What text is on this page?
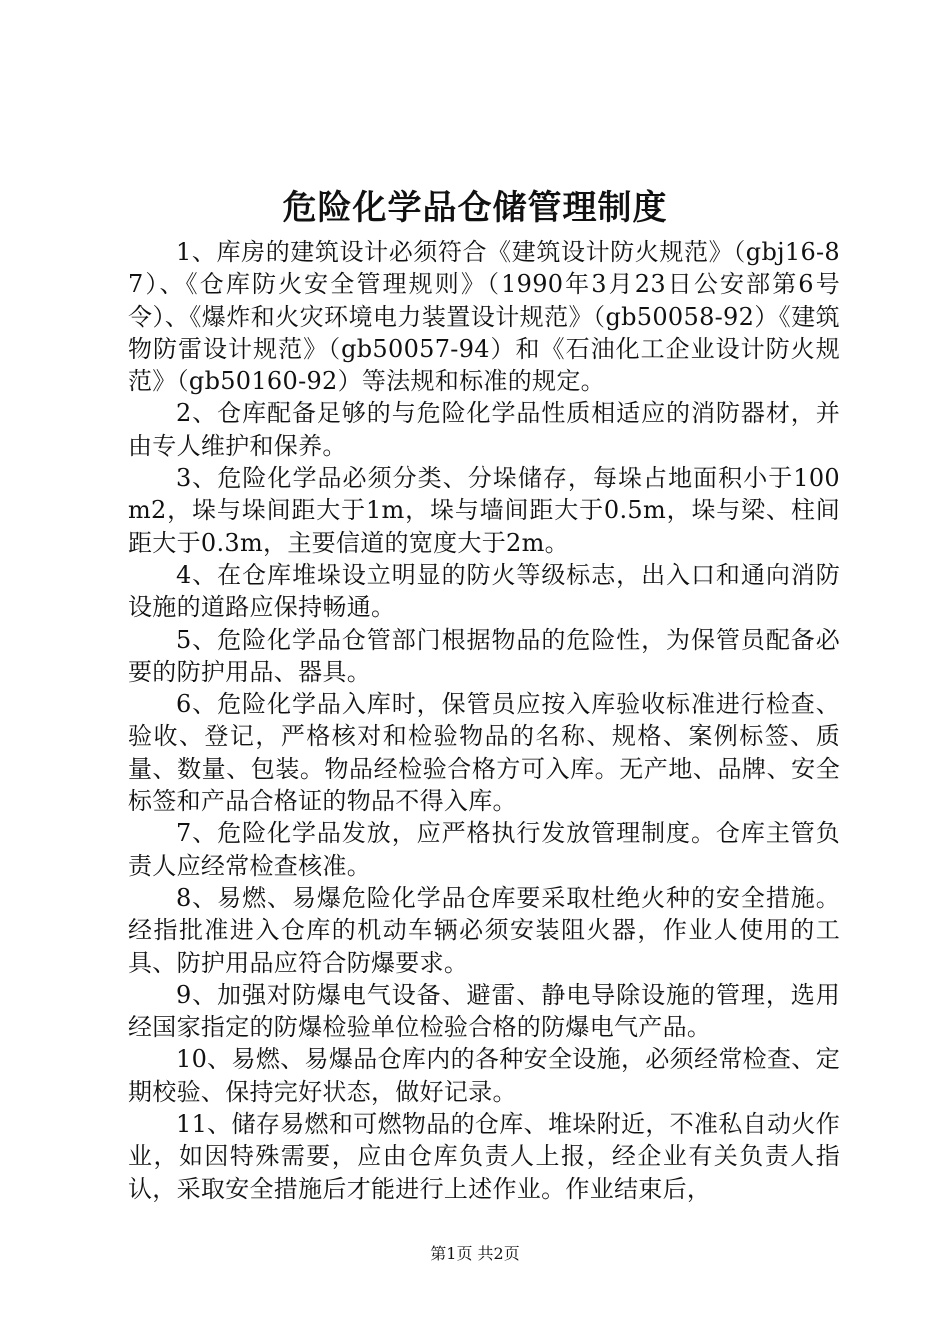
危险化学品仓储管理制度

1、库房的建筑设计必须符合《建筑设计防火规范》（gbj16-87）、《仓库防火安全管理规则》（1990年3月23日公安部第6号令）、《爆炸和火灾环境电力装置设计规范》（gb50058-92）《建筑物防雷设计规范》（gb50057-94）和《石油化工企业设计防火规范》（gb50160-92）等法规和标准的规定。

2、仓库配备足够的与危险化学品性质相适应的消防器材，并由专人维护和保养。

3、危险化学品必须分类、分垛储存，每垛占地面积小于100m2，垛与垛间距大于1m，垛与墙间距大于0.5m，垛与梁、柱间距大于0.3m，主要信道的宽度大于2m。

4、在仓库堆垛设立明显的防火等级标志，出入口和通向消防设施的道路应保持畅通。

5、危险化学品仓管部门根据物品的危险性，为保管员配备必要的防护用品、器具。

6、危险化学品入库时，保管员应按入库验收标准进行检查、验收、登记，严格核对和检验物品的名称、规格、案例标签、质量、数量、包装。物品经检验合格方可入库。无产地、品牌、安全标签和产品合格证的物品不得入库。

7、危险化学品发放，应严格执行发放管理制度。仓库主管负责人应经常检查核准。

8、易燃、易爆危险化学品仓库要采取杜绝火种的安全措施。经指批准进入仓库的机动车辆必须安装阻火器，作业人使用的工具、防护用品应符合防爆要求。

9、加强对防爆电气设备、避雷、静电导除设施的管理，选用经国家指定的防爆检验单位检验合格的防爆电气产品。

10、易燃、易爆品仓库内的各种安全设施，必须经常检查、定期校验、保持完好状态，做好记录。

11、储存易燃和可燃物品的仓库、堆垛附近，不准私自动火作业，如因特殊需要，应由仓库负责人上报，经企业有关负责人指认，采取安全措施后才能进行上述作业。作业结束后，

第1页 共2页
